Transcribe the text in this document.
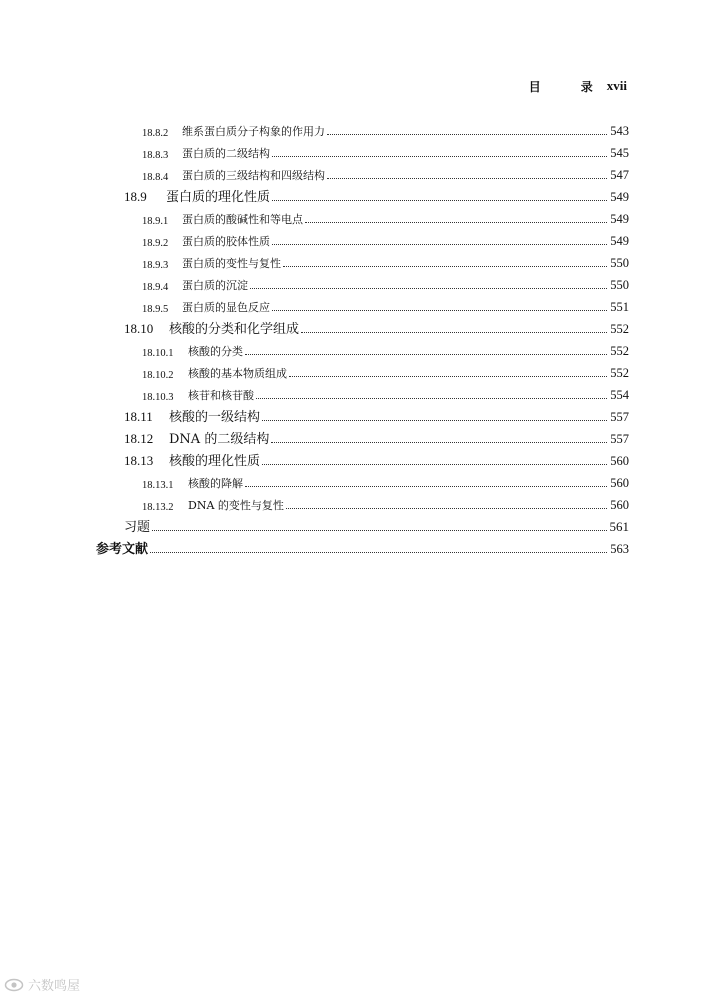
目　录 xvii
18.8.2	维系蛋白质分子构象的作用力	543
18.8.3	蛋白质的二级结构	545
18.8.4	蛋白质的三级结构和四级结构	547
18.9	蛋白质的理化性质	549
18.9.1	蛋白质的酸碱性和等电点	549
18.9.2	蛋白质的胶体性质	549
18.9.3	蛋白质的变性与复性	550
18.9.4	蛋白质的沉淀	550
18.9.5	蛋白质的显色反应	551
18.10	核酸的分类和化学组成	552
18.10.1	核酸的分类	552
18.10.2	核酸的基本物质组成	552
18.10.3	核苷和核苷酸	554
18.11	核酸的一级结构	557
18.12	DNA 的二级结构	557
18.13	核酸的理化性质	560
18.13.1	核酸的降解	560
18.13.2	DNA 的变性与复性	560
习题	561
参考文献	563
六数鸣屋
